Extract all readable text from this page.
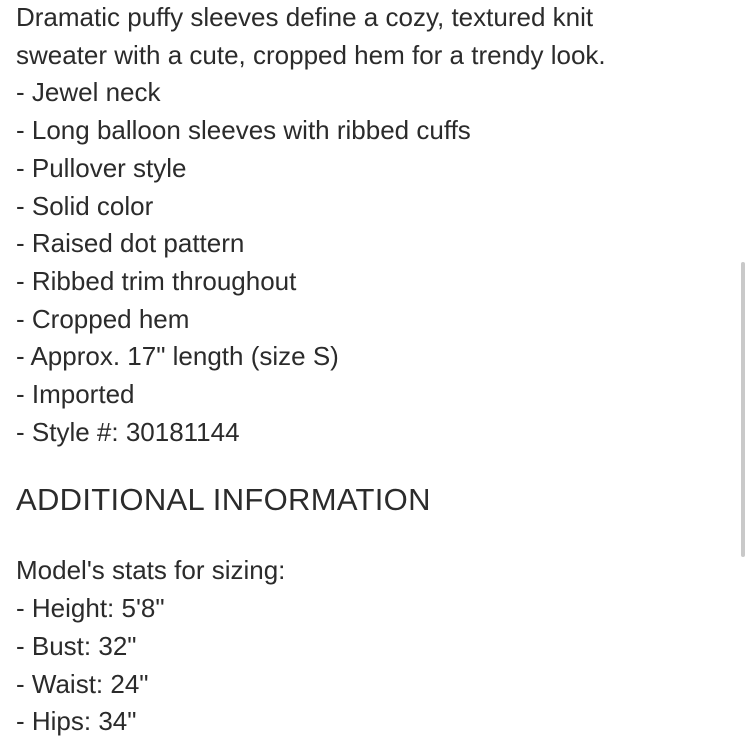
Dramatic puffy sleeves define a cozy, textured knit

sweater with a cute, cropped hem for a trendy look.

- Jewel neck
- Long balloon sleeves with ribbed cuffs
- Pullover style
- Solid color
- Raised dot pattern
- Ribbed trim throughout
- Cropped hem
- Approx. 17" length (size S)
- Imported
- Style #: 30181144
ADDITIONAL INFORMATION

Model's stats for sizing:

- Height: 5'8"
- Bust: 32"
- Waist: 24"
- Hips: 34"
